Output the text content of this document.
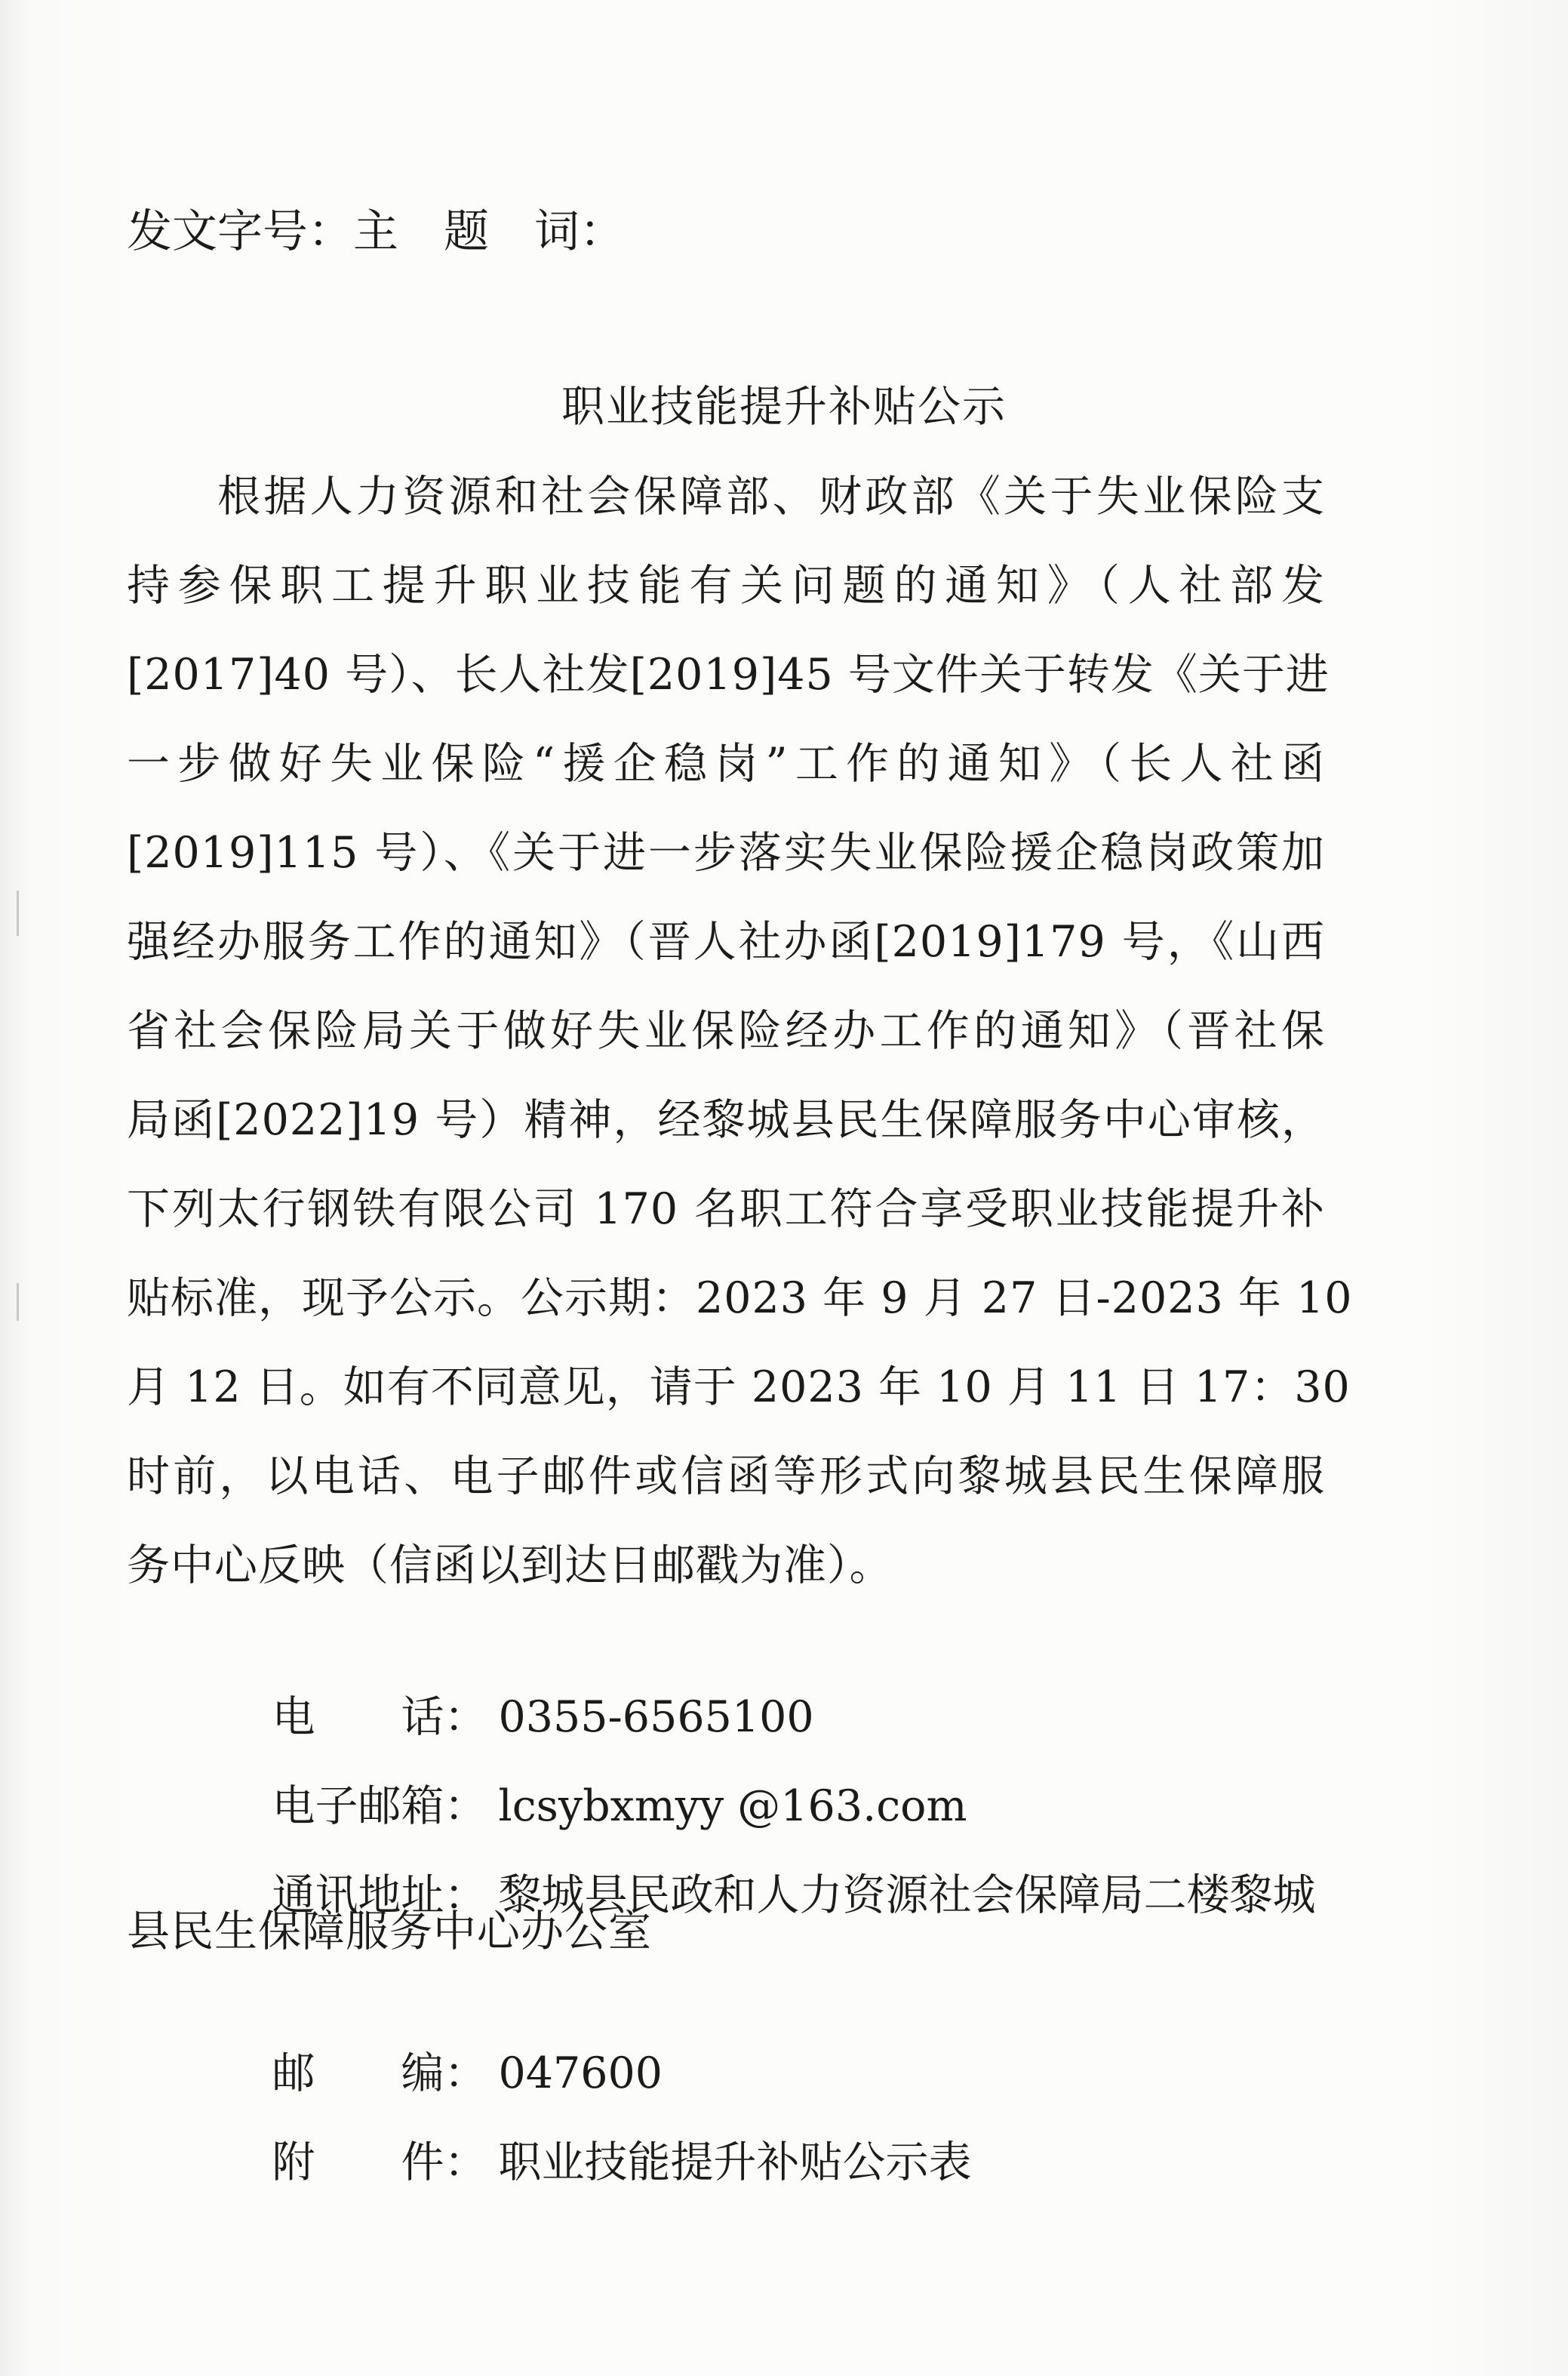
发文字号：主　题　词：
职业技能提升补贴公示
根据人力资源和社会保障部、财政部《关于失业保险支
持参保职工提升职业技能有关问题的通知》（人社部发
[2017]40 号）、长人社发[2019]45 号文件关于转发《关于进
一步做好失业保险“援企稳岗”工作的通知》（长人社函
[2019]115 号）、《关于进一步落实失业保险援企稳岗政策加
强经办服务工作的通知》（晋人社办函[2019]179 号，《山西
省社会保险局关于做好失业保险经办工作的通知》（晋社保
局函[2022]19 号）精神，经黎城县民生保障服务中心审核，
下列太行钢铁有限公司 170 名职工符合享受职业技能提升补
贴标准，现予公示。公示期：2023 年 9 月 27 日-2023 年 10
月 12 日。如有不同意见，请于 2023 年 10 月 11 日 17：30
时前，以电话、电子邮件或信函等形式向黎城县民生保障服
务中心反映（信函以到达日邮戳为准）。

电　　话： 0355-6565100

电子邮箱： lcsybxmyy @163.com

通讯地址： 黎城县民政和人力资源社会保障局二楼黎城

县民生保障服务中心办公室

邮　　编： 047600

附　　件： 职业技能提升补贴公示表
